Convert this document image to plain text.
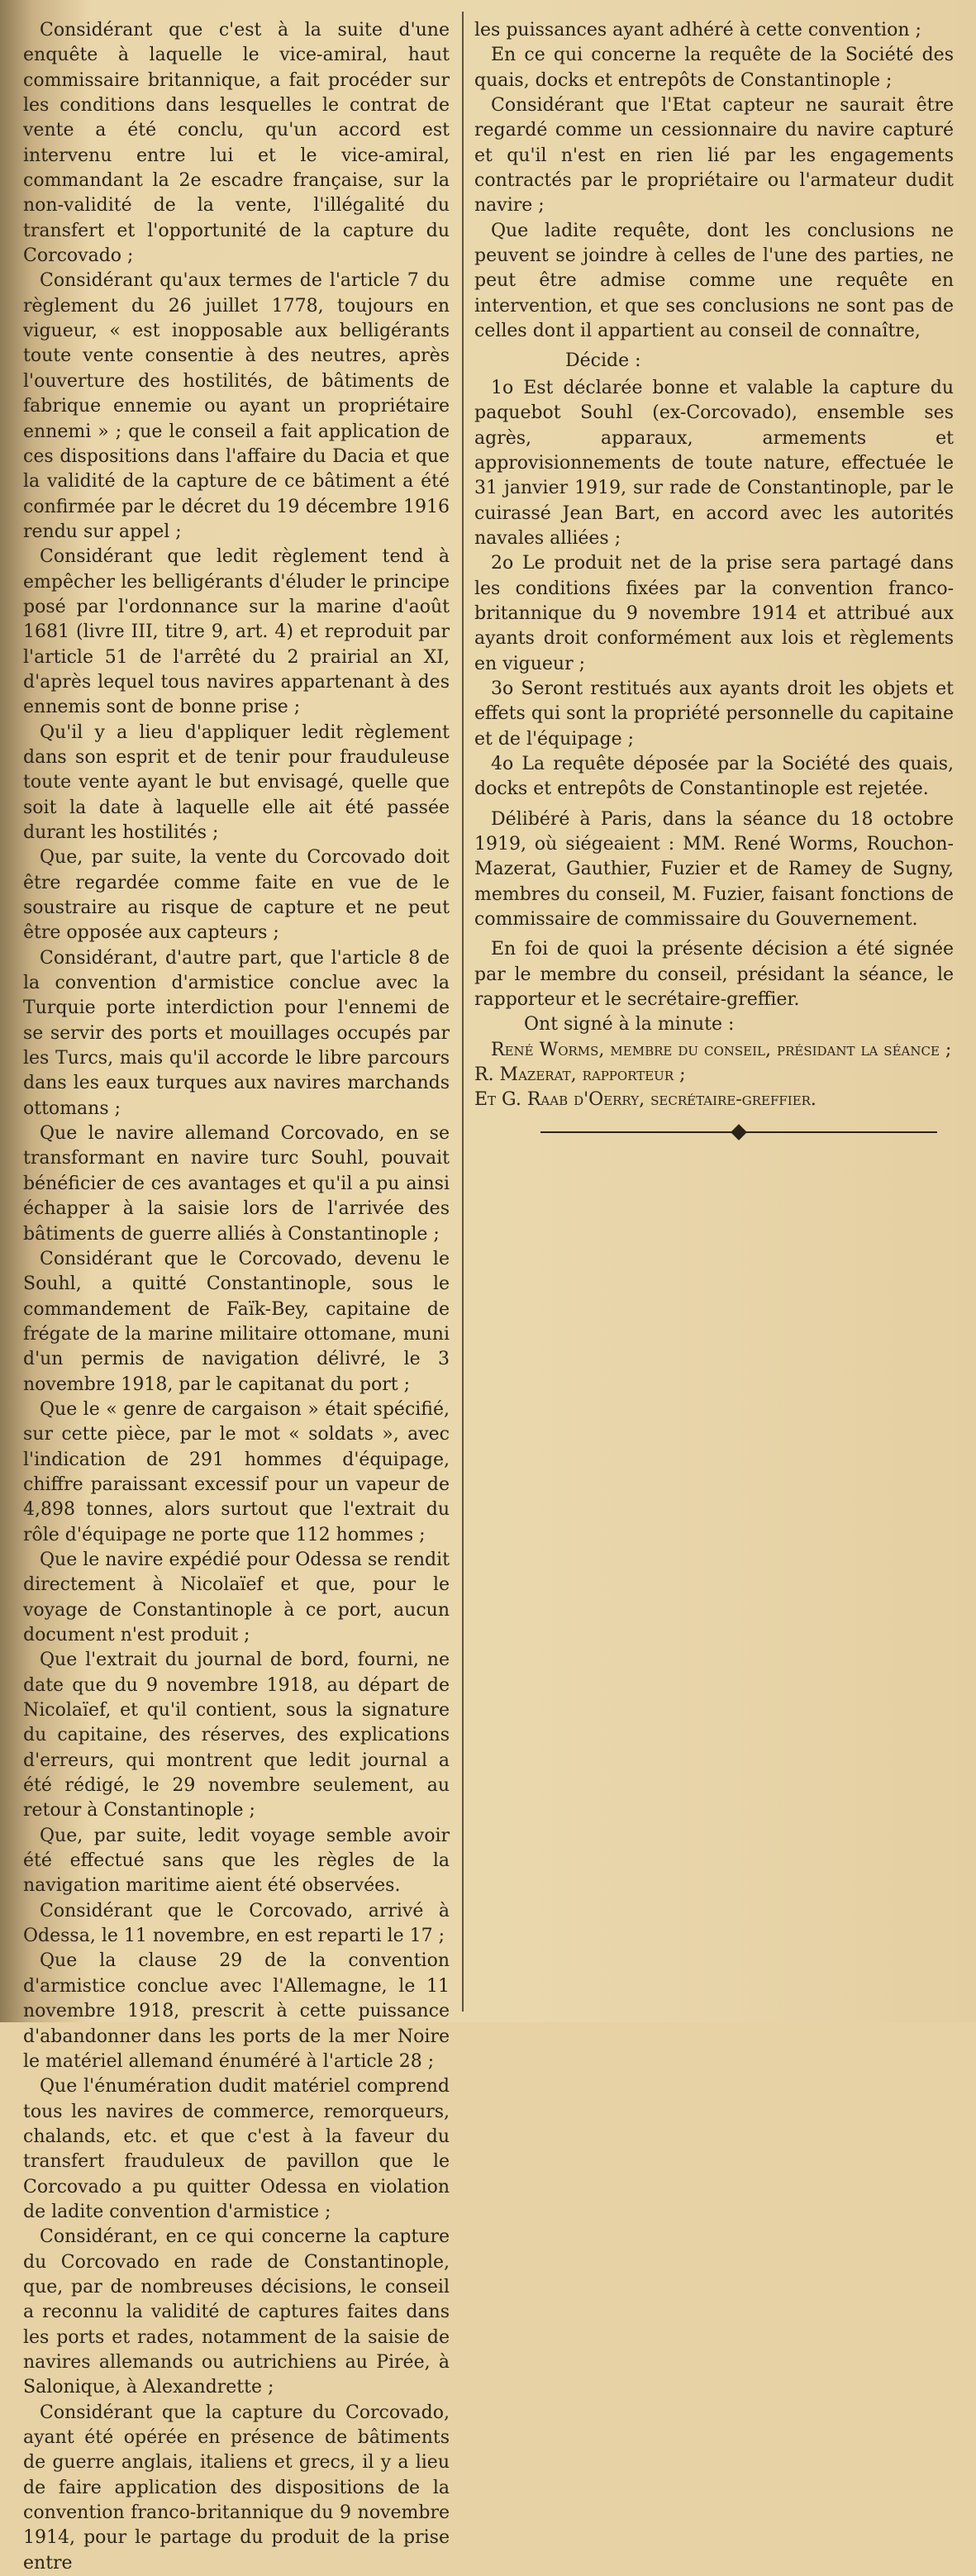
Considérant que c'est à la suite d'une enquête à laquelle le vice-amiral, haut commissaire britannique, a fait procéder sur les conditions dans lesquelles le contrat de vente a été conclu, qu'un accord est intervenu entre lui et le vice-amiral, commandant la 2e escadre française, sur la non-validité de la vente, l'illégalité du transfert et l'opportunité de la capture du Corcovado ;

Considérant qu'aux termes de l'article 7 du règlement du 26 juillet 1778, toujours en vigueur, « est inopposable aux belligérants toute vente consentie à des neutres, après l'ouverture des hostilités, de bâtiments de fabrique ennemie ou ayant un propriétaire ennemi » ; que le conseil a fait application de ces dispositions dans l'affaire du Dacia et que la validité de la capture de ce bâtiment a été confirmée par le décret du 19 décembre 1916 rendu sur appel ;

Considérant que ledit règlement tend à empêcher les belligérants d'éluder le principe posé par l'ordonnance sur la marine d'août 1681 (livre III, titre 9, art. 4) et reproduit par l'article 51 de l'arrêté du 2 prairial an XI, d'après lequel tous navires appartenant à des ennemis sont de bonne prise ;

Qu'il y a lieu d'appliquer ledit règlement dans son esprit et de tenir pour frauduleuse toute vente ayant le but envisagé, quelle que soit la date à laquelle elle ait été passée durant les hostilités ;

Que, par suite, la vente du Corcovado doit être regardée comme faite en vue de le soustraire au risque de capture et ne peut être opposée aux capteurs ;

Considérant, d'autre part, que l'article 8 de la convention d'armistice conclue avec la Turquie porte interdiction pour l'ennemi de se servir des ports et mouillages occupés par les Turcs, mais qu'il accorde le libre parcours dans les eaux turques aux navires marchands ottomans ;

Que le navire allemand Corcovado, en se transformant en navire turc Souhl, pouvait bénéficier de ces avantages et qu'il a pu ainsi échapper à la saisie lors de l'arrivée des bâtiments de guerre alliés à Constantinople ;

Considérant que le Corcovado, devenu le Souhl, a quitté Constantinople, sous le commandement de Faïk-Bey, capitaine de frégate de la marine militaire ottomane, muni d'un permis de navigation délivré, le 3 novembre 1918, par le capitanat du port ;

Que le « genre de cargaison » était spécifié, sur cette pièce, par le mot « soldats », avec l'indication de 291 hommes d'équipage, chiffre paraissant excessif pour un vapeur de 4,898 tonnes, alors surtout que l'extrait du rôle d'équipage ne porte que 112 hommes ;

Que le navire expédié pour Odessa se rendit directement à Nicolaïef et que, pour le voyage de Constantinople à ce port, aucun document n'est produit ;

Que l'extrait du journal de bord, fourni, ne date que du 9 novembre 1918, au départ de Nicolaïef, et qu'il contient, sous la signature du capitaine, des réserves, des explications d'erreurs, qui montrent que ledit journal a été rédigé, le 29 novembre seulement, au retour à Constantinople ;

Que, par suite, ledit voyage semble avoir été effectué sans que les règles de la navigation maritime aient été observées.

Considérant que le Corcovado, arrivé à Odessa, le 11 novembre, en est reparti le 17 ;

Que la clause 29 de la convention d'armistice conclue avec l'Allemagne, le 11 novembre 1918, prescrit à cette puissance d'abandonner dans les ports de la mer Noire le matériel allemand énuméré à l'article 28 ;

Que l'énumération dudit matériel comprend tous les navires de commerce, remorqueurs, chalands, etc. et que c'est à la faveur du transfert frauduleux de pavillon que le Corcovado a pu quitter Odessa en violation de ladite convention d'armistice ;

Considérant, en ce qui concerne la capture du Corcovado en rade de Constantinople, que, par de nombreuses décisions, le conseil a reconnu la validité de captures faites dans les ports et rades, notamment de la saisie de navires allemands ou autrichiens au Pirée, à Salonique, à Alexandrette ;

Considérant que la capture du Corcovado, ayant été opérée en présence de bâtiments de guerre anglais, italiens et grecs, il y a lieu de faire application des dispositions de la convention franco-britannique du 9 novembre 1914, pour le partage du produit de la prise entre

les puissances ayant adhéré à cette convention ;

En ce qui concerne la requête de la Société des quais, docks et entrepôts de Constantinople ;

Considérant que l'Etat capteur ne saurait être regardé comme un cessionnaire du navire capturé et qu'il n'est en rien lié par les engagements contractés par le propriétaire ou l'armateur dudit navire ;

Que ladite requête, dont les conclusions ne peuvent se joindre à celles de l'une des parties, ne peut être admise comme une requête en intervention, et que ses conclusions ne sont pas de celles dont il appartient au conseil de connaître,

Décide :

1o Est déclarée bonne et valable la capture du paquebot Souhl (ex-Corcovado), ensemble ses agrès, apparaux, armements et approvisionnements de toute nature, effectuée le 31 janvier 1919, sur rade de Constantinople, par le cuirassé Jean Bart, en accord avec les autorités navales alliées ;

2o Le produit net de la prise sera partagé dans les conditions fixées par la convention franco-britannique du 9 novembre 1914 et attribué aux ayants droit conformément aux lois et règlements en vigueur ;

3o Seront restitués aux ayants droit les objets et effets qui sont la propriété personnelle du capitaine et de l'équipage ;

4o La requête déposée par la Société des quais, docks et entrepôts de Constantinople est rejetée.

Délibéré à Paris, dans la séance du 18 octobre 1919, où siégeaient : MM. René Worms, Rouchon-Mazerat, Gauthier, Fuzier et de Ramey de Sugny, membres du conseil, M. Fuzier, faisant fonctions de commissaire de commissaire du Gouvernement.

En foi de quoi la présente décision a été signée par le membre du conseil, présidant la séance, le rapporteur et le secrétaire-greffier.

Ont signé à la minute :

René Worms, membre du conseil, présidant la séance ;

R. Mazerat, rapporteur ;

Et G. Raab d'Oerry, secrétaire-greffier.
